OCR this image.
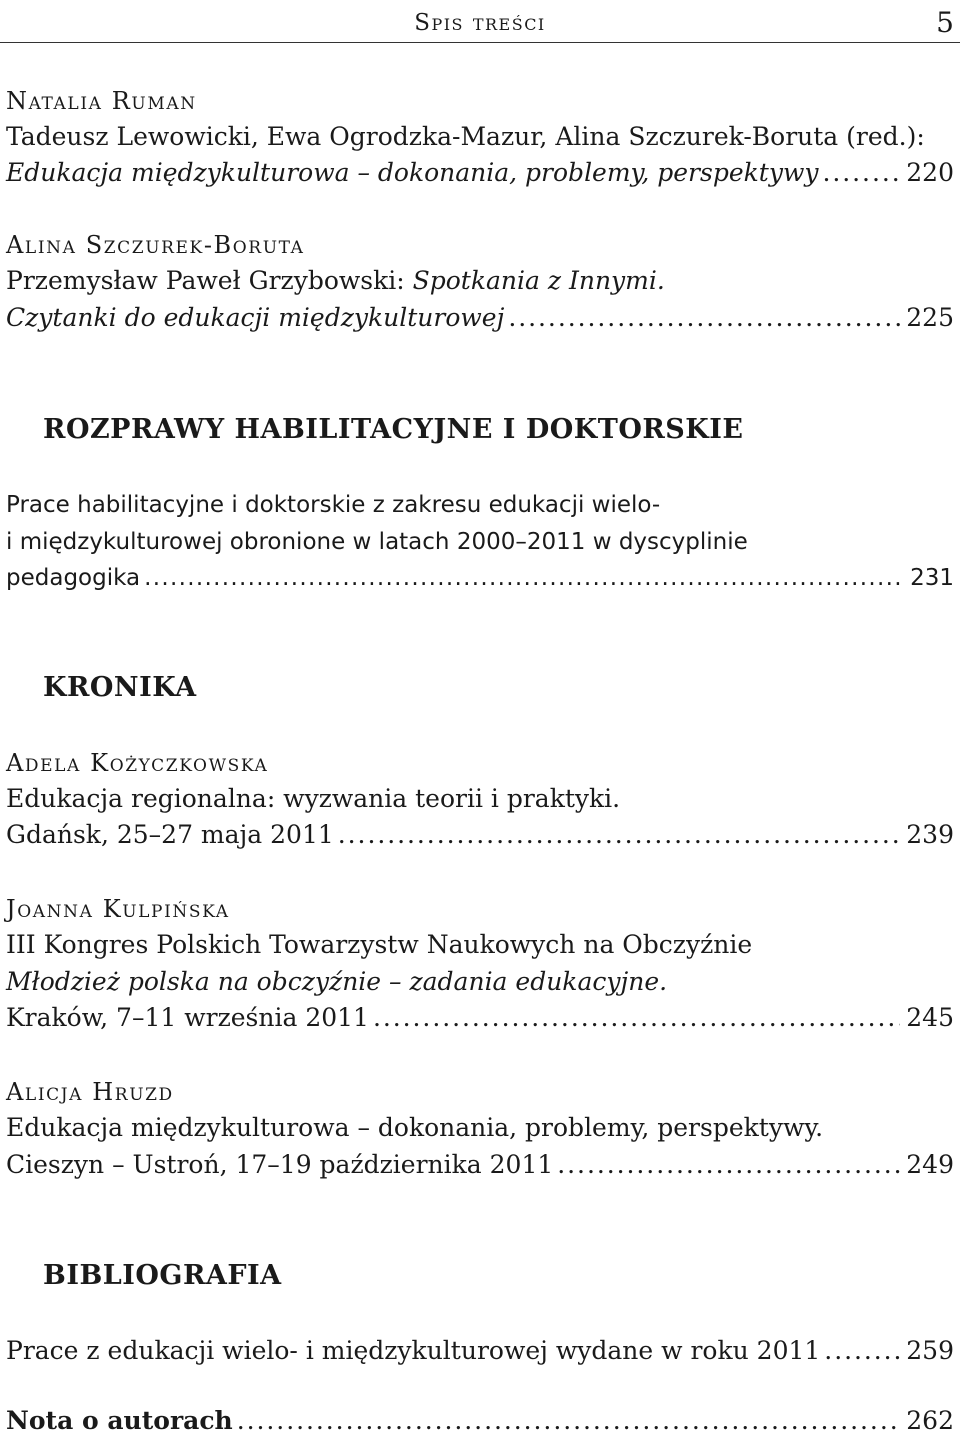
Spis treści	5
Natalia Ruman
Tadeusz Lewowicki, Ewa Ogrodzka-Mazur, Alina Szczurek-Boruta (red.):
Edukacja międzykulturowa – dokonania, problemy, perspektywy . . .	220
Alina Szczurek-Boruta
Przemysław Paweł Grzybowski: Spotkania z Innymi.
Czytanki do edukacji międzykulturowej . . .	225
ROZPRAWY HABILITACYJNE I DOKTORSKIE
Prace habilitacyjne i doktorskie z zakresu edukacji wielo-
i międzykulturowej obronione w latach 2000–2011 w dyscyplinie
pedagogika . . .	231
KRONIKA
Adela Kożyczkowska
Edukacja regionalna: wyzwania teorii i praktyki.
Gdańsk, 25–27 maja 2011 . . .	239
Joanna Kulpińska
III Kongres Polskich Towarzystw Naukowych na Obczyźnie
Młodzież polska na obczyźnie – zadania edukacyjne.
Kraków, 7–11 września 2011 . . .	245
Alicja Hruzd
Edukacja międzykulturowa – dokonania, problemy, perspektywy.
Cieszyn – Ustroń, 17–19 października 2011 . . .	249
BIBLIOGRAFIA
Prace z edukacji wielo- i międzykulturowej wydane w roku 2011 . . .	259
Nota o autorach . . .	262
